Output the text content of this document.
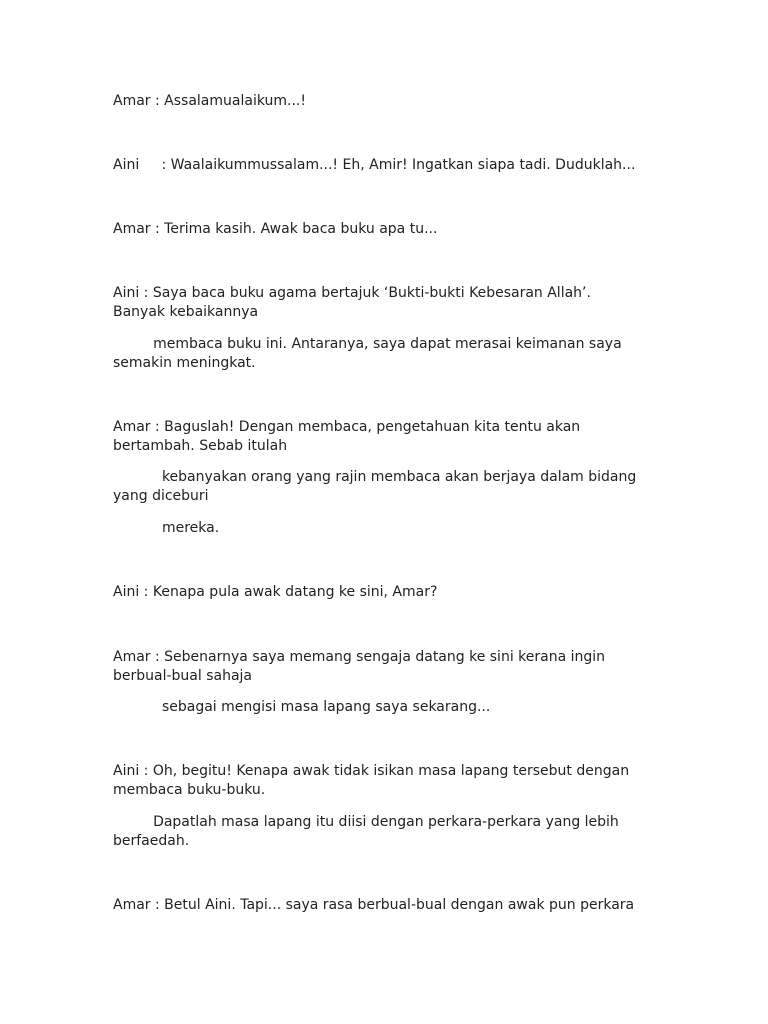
Amar : Assalamualaikum...!

Aini     : Waalaikummussalam...! Eh, Amir! Ingatkan siapa tadi. Duduklah...

Amar : Terima kasih. Awak baca buku apa tu...

Aini : Saya baca buku agama bertajuk ‘Bukti-bukti Kebesaran Allah’. Banyak kebaikannya

membaca buku ini. Antaranya, saya dapat merasai keimanan saya semakin meningkat.

Amar : Baguslah! Dengan membaca, pengetahuan kita tentu akan bertambah. Sebab itulah

kebanyakan orang yang rajin membaca akan berjaya dalam bidang yang diceburi

mereka.

Aini : Kenapa pula awak datang ke sini, Amar?

Amar : Sebenarnya saya memang sengaja datang ke sini kerana ingin berbual-bual sahaja

sebagai mengisi masa lapang saya sekarang...

Aini : Oh, begitu! Kenapa awak tidak isikan masa lapang tersebut dengan membaca buku-buku.

Dapatlah masa lapang itu diisi dengan perkara-perkara yang lebih berfaedah.

Amar : Betul Aini. Tapi... saya rasa berbual-bual dengan awak pun perkara
